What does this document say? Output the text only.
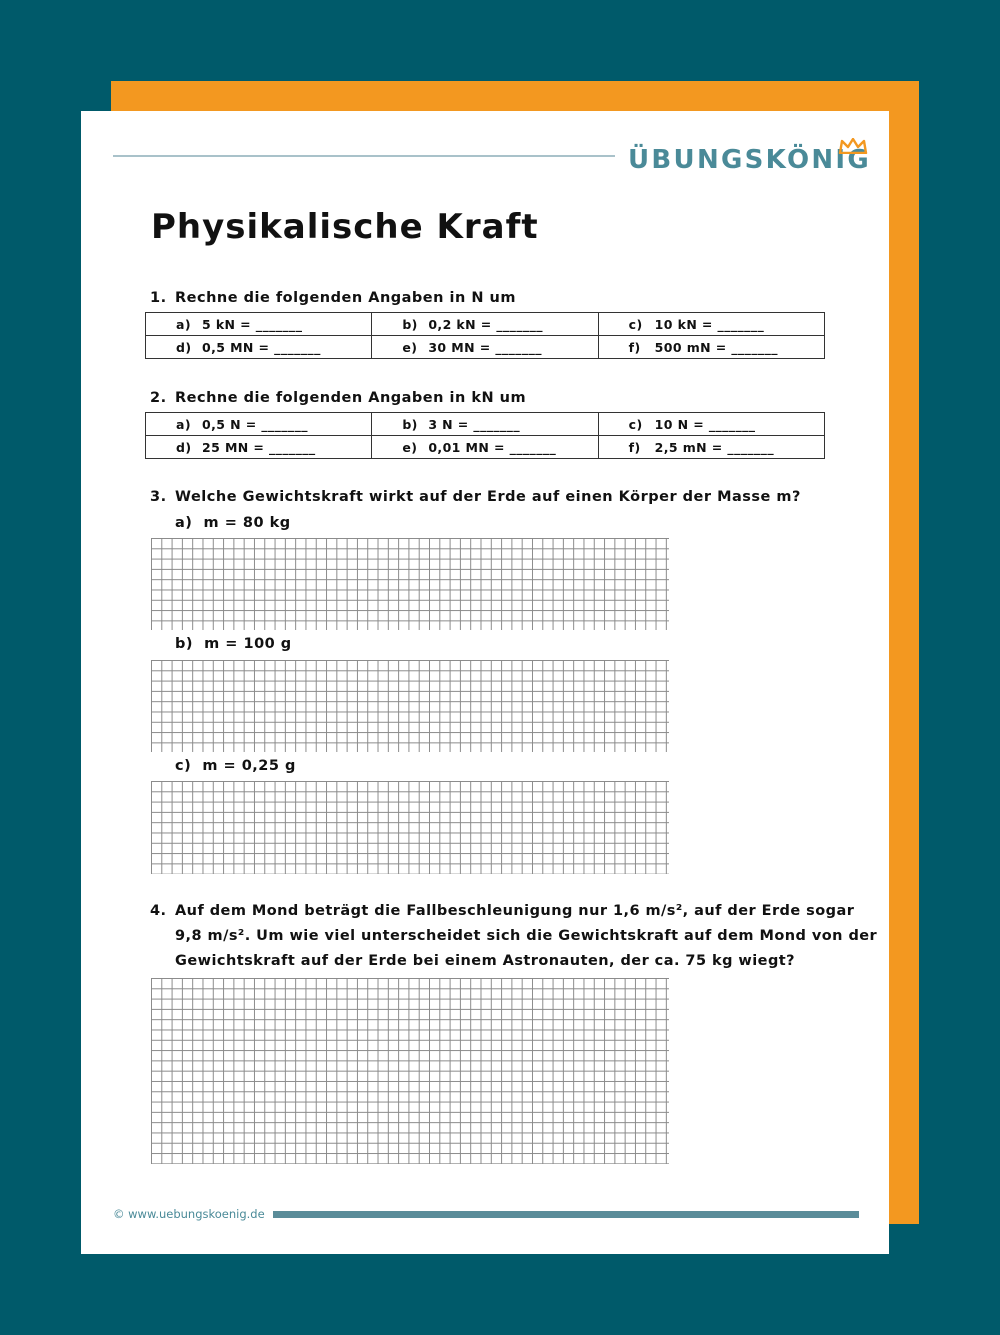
ÜBUNGSKÖNIG
Physikalische Kraft
1. Rechne die folgenden Angaben in N um
a) 5 kN = _______	b) 0,2 kN = _______	c) 10 kN = _______
d) 0,5 MN = _______	e) 30 MN = _______	f) 500 mN = _______
2. Rechne die folgenden Angaben in kN um
a) 0,5 N = _______	b) 3 N = _______	c) 10 N = _______
d) 25 MN = _______	e) 0,01 MN = _______	f) 2,5 mN = _______
3. Welche Gewichtskraft wirkt auf der Erde auf einen Körper der Masse m?
a) m = 80 kg
b) m = 100 g
c) m = 0,25 g
4. Auf dem Mond beträgt die Fallbeschleunigung nur 1,6 m/s², auf der Erde sogar
9,8 m/s². Um wie viel unterscheidet sich die Gewichtskraft auf dem Mond von der
Gewichtskraft auf der Erde bei einem Astronauten, der ca. 75 kg wiegt?
© www.uebungskoenig.de
